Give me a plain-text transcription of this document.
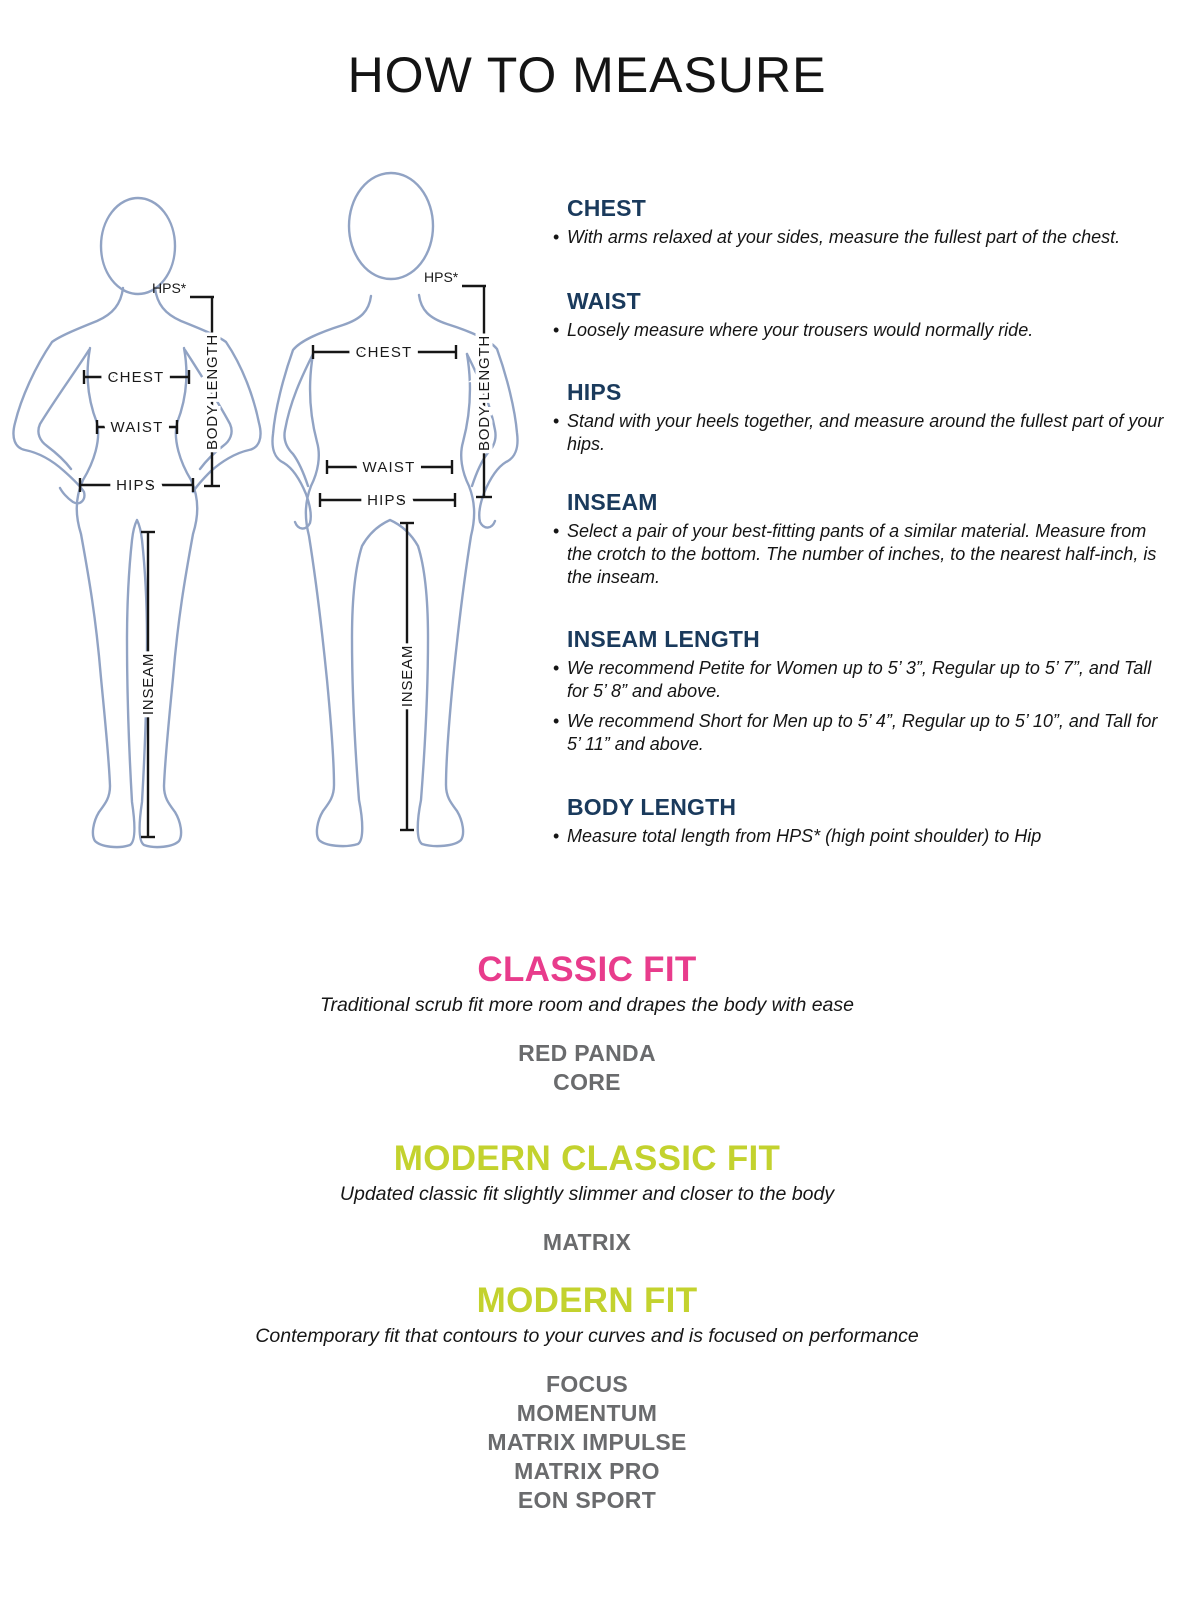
HOW TO MEASURE
HPS*
CHEST
WAIST
HIPS
BODY LENGTH
INSEAM
HPS*
CHEST
WAIST
HIPS
BODY LENGTH
INSEAM
CHEST

• With arms relaxed at your sides, measure the fullest part of the chest.

WAIST

• Loosely measure where your trousers would normally ride.

HIPS

• Stand with your heels together, and measure around the fullest part of your hips.

INSEAM

• Select a pair of your best-fitting pants of a similar material. Measure from the crotch to the bottom. The number of inches, to the nearest half-inch, is the inseam.

INSEAM LENGTH

• We recommend Petite for Women up to 5’ 3”, Regular up to 5’ 7”, and Tall for 5’ 8” and above.

• We recommend Short for Men up to 5’ 4”, Regular up to 5’ 10”, and Tall for 5’ 11” and above.

BODY LENGTH

• Measure total length from HPS* (high point shoulder) to Hip

CLASSIC FIT

Traditional scrub fit more room and drapes the body with ease

RED PANDA
CORE
MODERN CLASSIC FIT

Updated classic fit slightly slimmer and closer to the body

MATRIX
MODERN FIT

Contemporary fit that contours to your curves and is focused on performance

FOCUS
MOMENTUM
MATRIX IMPULSE
MATRIX PRO
EON SPORT
